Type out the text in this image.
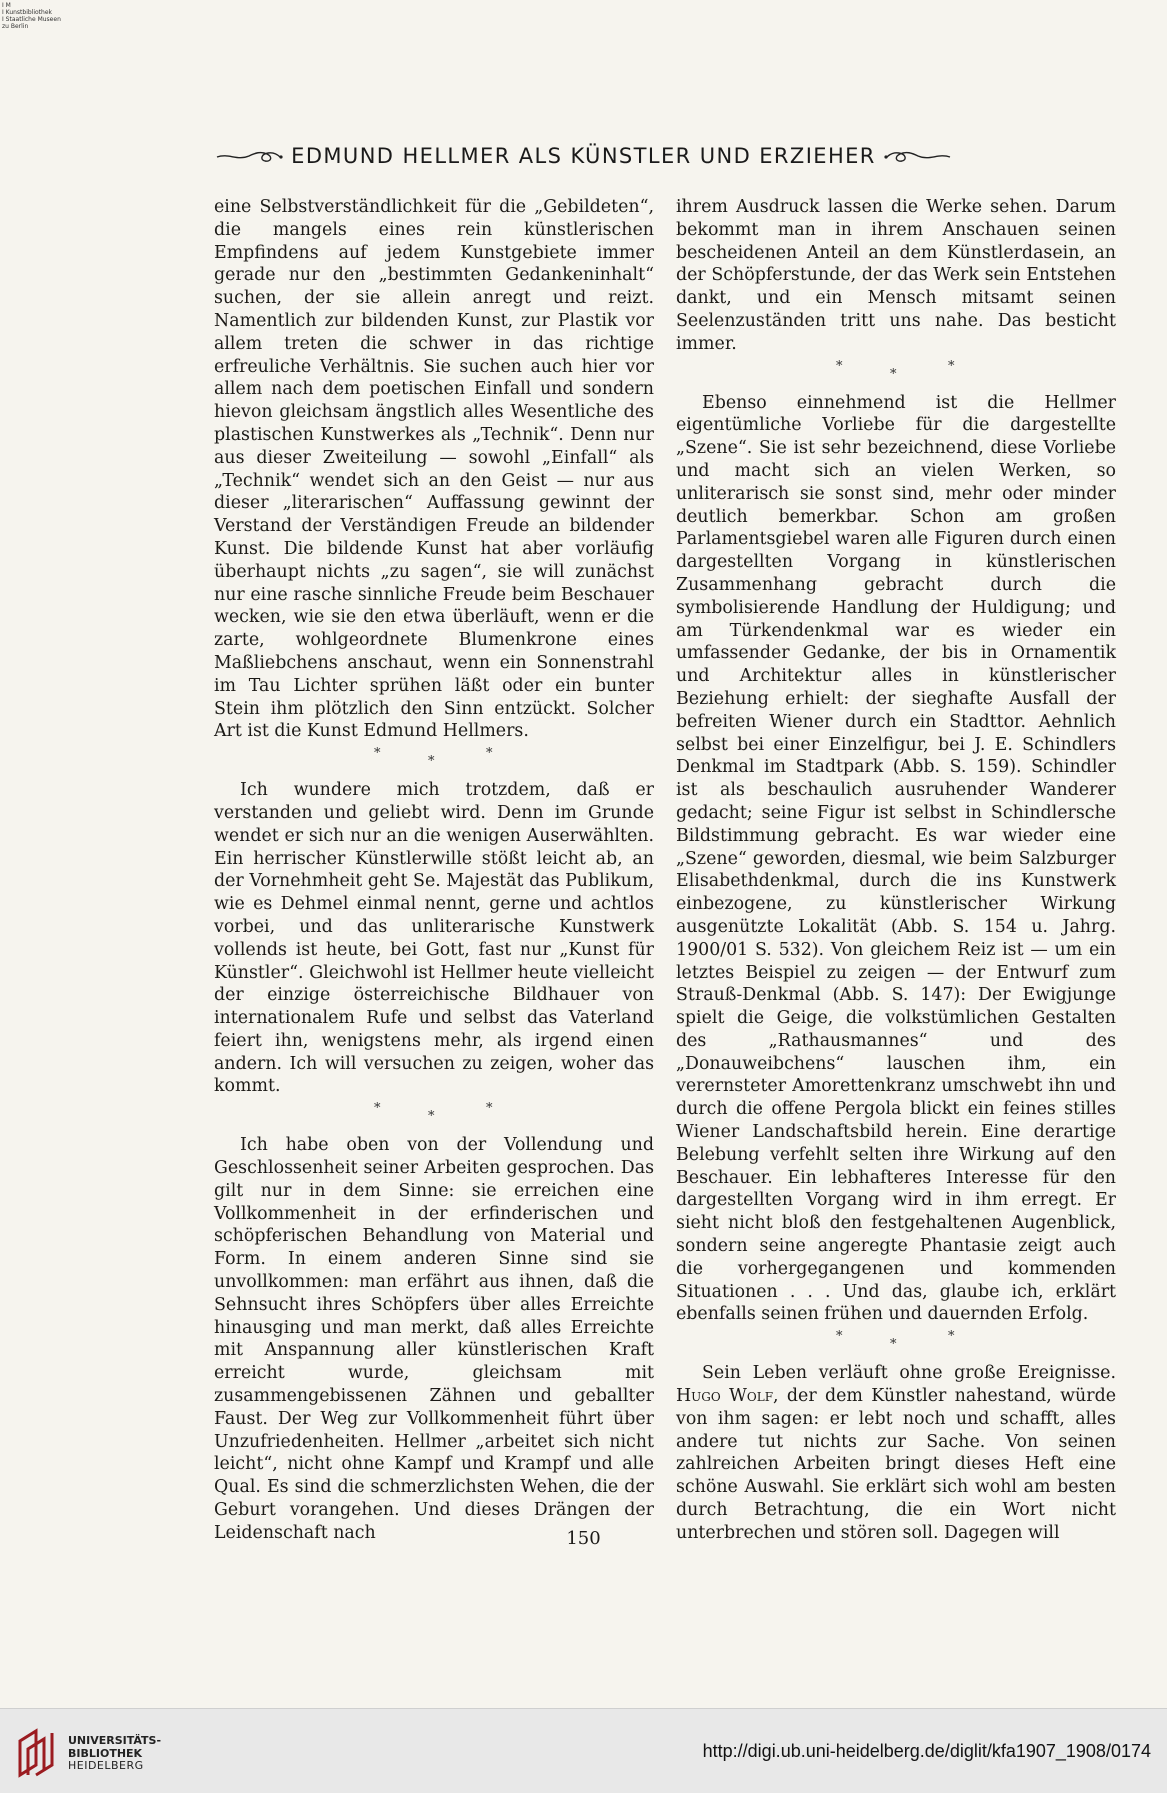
I M
I Kunstbibliothek
I Staatliche Museen
zu Berlin
EDMUND HELLMER ALS KÜNSTLER UND ERZIEHER

eine Selbstverständlichkeit für die „Gebildeten“, die mangels eines rein künstlerischen Empfindens auf jedem Kunstgebiete immer gerade nur den „bestimmten Gedankeninhalt“ suchen, der sie allein anregt und reizt. Namentlich zur bildenden Kunst, zur Plastik vor allem treten die schwer in das richtige erfreuliche Verhältnis. Sie suchen auch hier vor allem nach dem poetischen Einfall und sondern hievon gleichsam ängstlich alles Wesentliche des plastischen Kunstwerkes als „Technik“. Denn nur aus dieser Zweiteilung — sowohl „Einfall“ als „Technik“ wendet sich an den Geist — nur aus dieser „literarischen“ Auffassung gewinnt der Verstand der Verständigen Freude an bildender Kunst. Die bildende Kunst hat aber vorläufig überhaupt nichts „zu sagen“, sie will zunächst nur eine rasche sinnliche Freude beim Beschauer wecken, wie sie den etwa überläuft, wenn er die zarte, wohlgeordnete Blumenkrone eines Maßliebchens anschaut, wenn ein Sonnenstrahl im Tau Lichter sprühen läßt oder ein bunter Stein ihm plötzlich den Sinn entzückt. Solcher Art ist die Kunst Edmund Hellmers.

*
*
*

Ich wundere mich trotzdem, daß er verstanden und geliebt wird. Denn im Grunde wendet er sich nur an die wenigen Auserwählten. Ein herrischer Künstlerwille stößt leicht ab, an der Vornehmheit geht Se. Majestät das Publikum, wie es Dehmel einmal nennt, gerne und achtlos vorbei, und das unliterarische Kunstwerk vollends ist heute, bei Gott, fast nur „Kunst für Künstler“. Gleichwohl ist Hellmer heute vielleicht der einzige österreichische Bildhauer von internationalem Rufe und selbst das Vaterland feiert ihn, wenigstens mehr, als irgend einen andern. Ich will versuchen zu zeigen, woher das kommt.

*
*
*

Ich habe oben von der Vollendung und Geschlossenheit seiner Arbeiten gesprochen. Das gilt nur in dem Sinne: sie erreichen eine Vollkommenheit in der erfinderischen und schöpferischen Behandlung von Material und Form. In einem anderen Sinne sind sie unvollkommen: man erfährt aus ihnen, daß die Sehnsucht ihres Schöpfers über alles Erreichte hinausging und man merkt, daß alles Erreichte mit Anspannung aller künstlerischen Kraft erreicht wurde, gleichsam mit zusammengebissenen Zähnen und geballter Faust. Der Weg zur Vollkommenheit führt über Unzufriedenheiten. Hellmer „arbeitet sich nicht leicht“, nicht ohne Kampf und Krampf und alle Qual. Es sind die schmerzlichsten Wehen, die der Geburt vorangehen. Und dieses Drängen der Leidenschaft nach

ihrem Ausdruck lassen die Werke sehen. Darum bekommt man in ihrem Anschauen seinen bescheidenen Anteil an dem Künstlerdasein, an der Schöpferstunde, der das Werk sein Entstehen dankt, und ein Mensch mitsamt seinen Seelenzuständen tritt uns nahe. Das besticht immer.

*
*
*

Ebenso einnehmend ist die Hellmer eigentümliche Vorliebe für die dargestellte „Szene“. Sie ist sehr bezeichnend, diese Vorliebe und macht sich an vielen Werken, so unliterarisch sie sonst sind, mehr oder minder deutlich bemerkbar. Schon am großen Parlamentsgiebel waren alle Figuren durch einen dargestellten Vorgang in künstlerischen Zusammenhang gebracht durch die symbolisierende Handlung der Huldigung; und am Türkendenkmal war es wieder ein umfassender Gedanke, der bis in Ornamentik und Architektur alles in künstlerischer Beziehung erhielt: der sieghafte Ausfall der befreiten Wiener durch ein Stadttor. Aehnlich selbst bei einer Einzelfigur, bei J. E. Schindlers Denkmal im Stadtpark (Abb. S. 159). Schindler ist als beschaulich ausruhender Wanderer gedacht; seine Figur ist selbst in Schindlersche Bildstimmung gebracht. Es war wieder eine „Szene“ geworden, diesmal, wie beim Salzburger Elisabethdenkmal, durch die ins Kunstwerk einbezogene, zu künstlerischer Wirkung ausgenützte Lokalität (Abb. S. 154 u. Jahrg. 1900/01 S. 532). Von gleichem Reiz ist — um ein letztes Beispiel zu zeigen — der Entwurf zum Strauß-Denkmal (Abb. S. 147): Der Ewigjunge spielt die Geige, die volkstümlichen Gestalten des „Rathausmannes“ und des „Donauweibchens“ lauschen ihm, ein verernsteter Amorettenkranz umschwebt ihn und durch die offene Pergola blickt ein feines stilles Wiener Landschaftsbild herein. Eine derartige Belebung verfehlt selten ihre Wirkung auf den Beschauer. Ein lebhafteres Interesse für den dargestellten Vorgang wird in ihm erregt. Er sieht nicht bloß den festgehaltenen Augenblick, sondern seine angeregte Phantasie zeigt auch die vorhergegangenen und kommenden Situationen . . . Und das, glaube ich, erklärt ebenfalls seinen frühen und dauernden Erfolg.

*
*
*

Sein Leben verläuft ohne große Ereignisse. Hugo Wolf, der dem Künstler nahestand, würde von ihm sagen: er lebt noch und schafft, alles andere tut nichts zur Sache. Von seinen zahlreichen Arbeiten bringt dieses Heft eine schöne Auswahl. Sie erklärt sich wohl am besten durch Betrachtung, die ein Wort nicht unterbrechen und stören soll. Dagegen will

150
UNIVERSITÄTS-
BIBLIOTHEK
HEIDELBERG
http://digi.ub.uni-heidelberg.de/diglit/kfa1907_1908/0174
